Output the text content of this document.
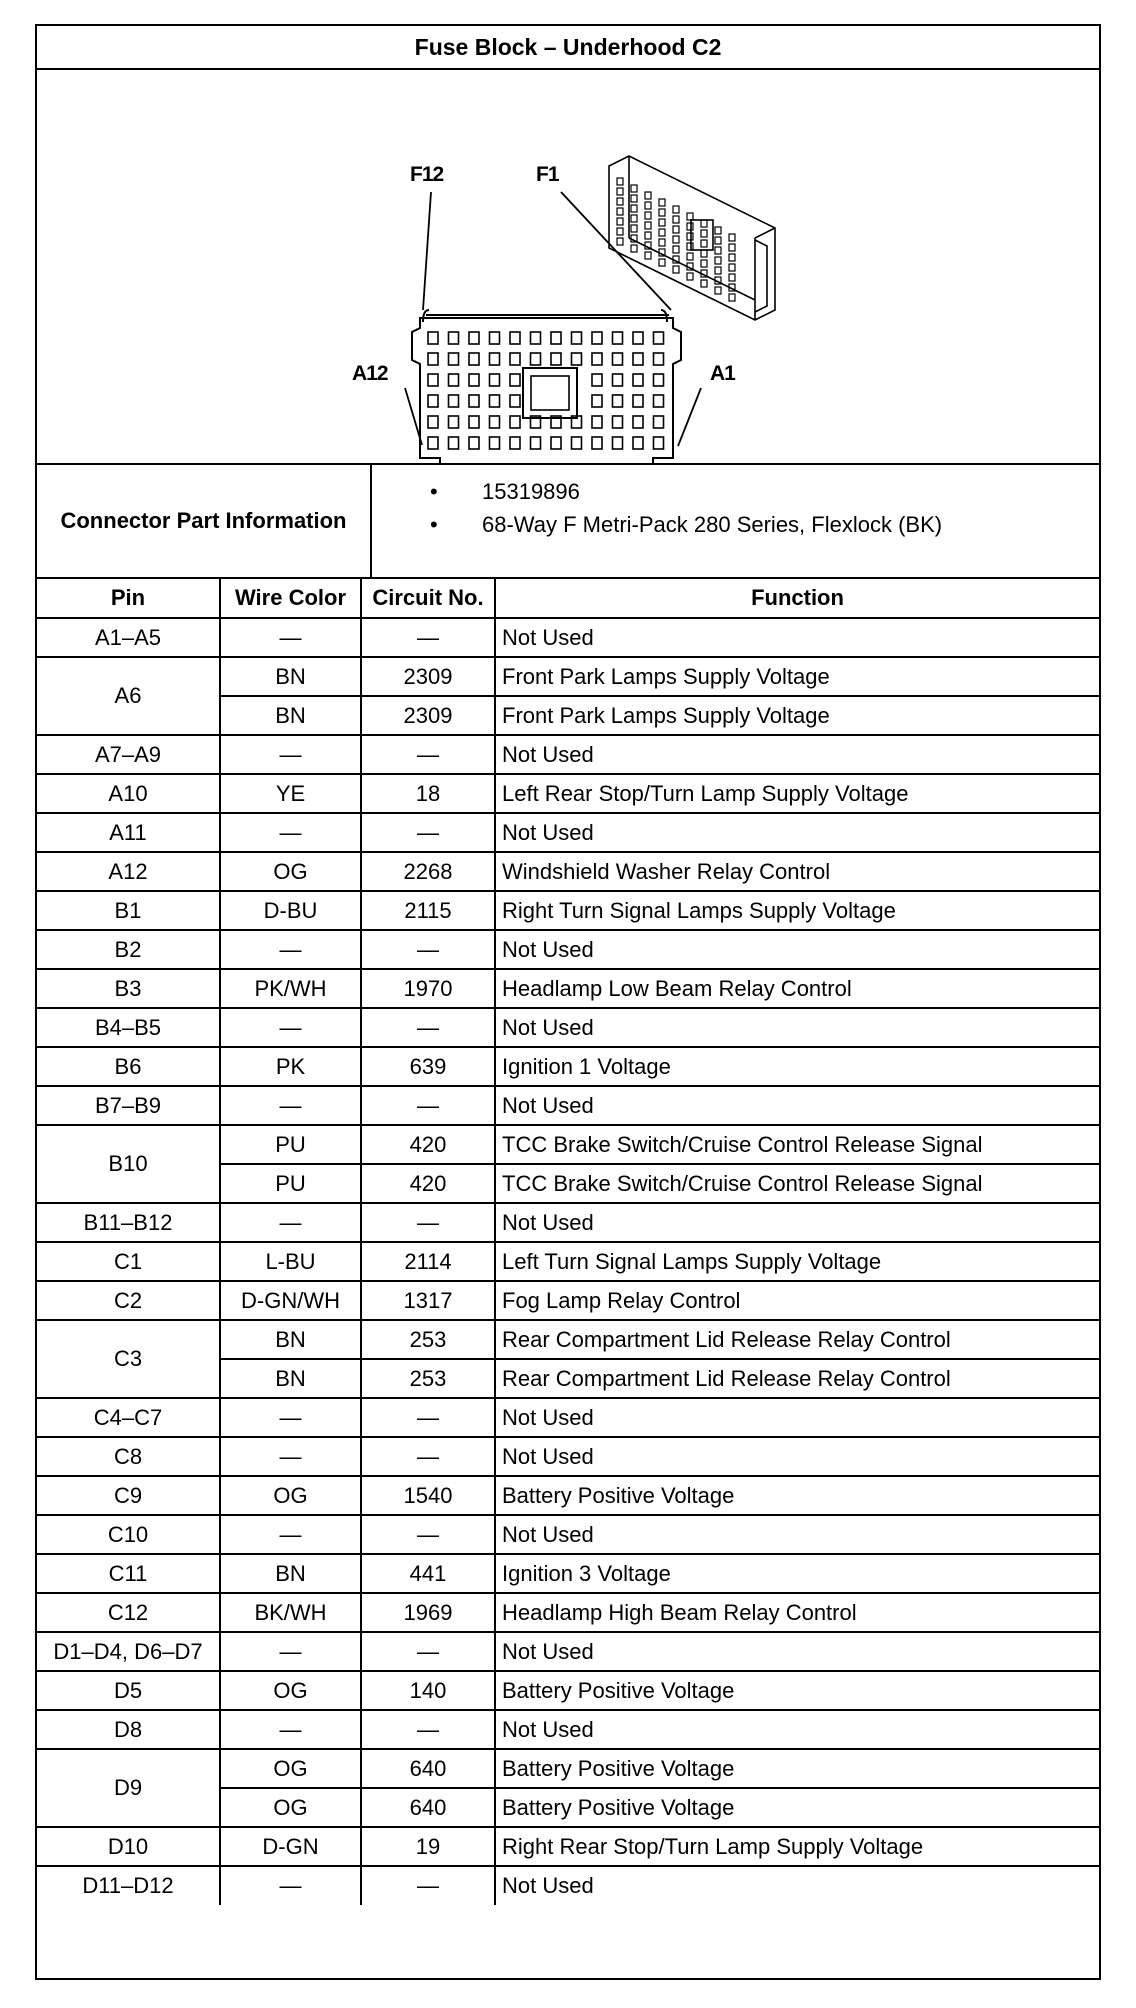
Fuse Block – Underhood C2
F12	F1
A12	A1
Connector Part Information
• 15319896
• 68-Way F Metri-Pack 280 Series, Flexlock (BK)
Pin	Wire Color	Circuit No.	Function
A1–A5	—	—	Not Used
A6	BN	2309	Front Park Lamps Supply Voltage
	BN	2309	Front Park Lamps Supply Voltage
A7–A9	—	—	Not Used
A10	YE	18	Left Rear Stop/Turn Lamp Supply Voltage
A11	—	—	Not Used
A12	OG	2268	Windshield Washer Relay Control
B1	D-BU	2115	Right Turn Signal Lamps Supply Voltage
B2	—	—	Not Used
B3	PK/WH	1970	Headlamp Low Beam Relay Control
B4–B5	—	—	Not Used
B6	PK	639	Ignition 1 Voltage
B7–B9	—	—	Not Used
B10	PU	420	TCC Brake Switch/Cruise Control Release Signal
	PU	420	TCC Brake Switch/Cruise Control Release Signal
B11–B12	—	—	Not Used
C1	L-BU	2114	Left Turn Signal Lamps Supply Voltage
C2	D-GN/WH	1317	Fog Lamp Relay Control
C3	BN	253	Rear Compartment Lid Release Relay Control
	BN	253	Rear Compartment Lid Release Relay Control
C4–C7	—	—	Not Used
C8	—	—	Not Used
C9	OG	1540	Battery Positive Voltage
C10	—	—	Not Used
C11	BN	441	Ignition 3 Voltage
C12	BK/WH	1969	Headlamp High Beam Relay Control
D1–D4, D6–D7	—	—	Not Used
D5	OG	140	Battery Positive Voltage
D8	—	—	Not Used
D9	OG	640	Battery Positive Voltage
	OG	640	Battery Positive Voltage
D10	D-GN	19	Right Rear Stop/Turn Lamp Supply Voltage
D11–D12	—	—	Not Used
